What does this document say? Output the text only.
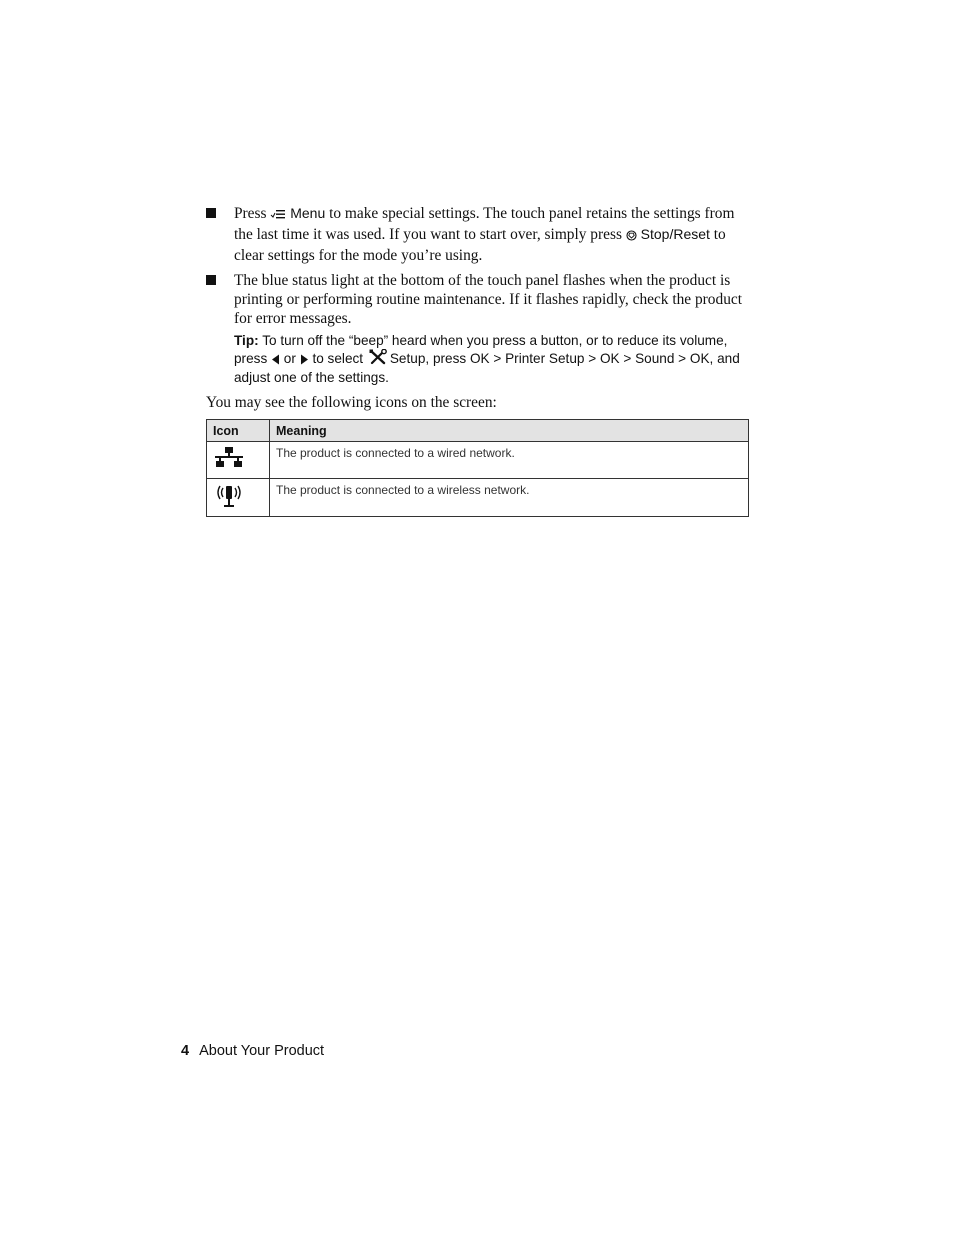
Press  Menu to make special settings. The touch panel retains the settings from the last time it was used. If you want to start over, simply press  Stop/Reset to clear settings for the mode you’re using.
The blue status light at the bottom of the touch panel flashes when the product is printing or performing routine maintenance. If it flashes rapidly, check the product for error messages.
Tip: To turn off the “beep” heard when you press a button, or to reduce its volume, press  or  to select Setup, press OK > Printer Setup > OK > Sound > OK, and adjust one of the settings.
You may see the following icons on the screen:
Icon	Meaning
	The product is connected to a wired network.
	The product is connected to a wireless network.
4 About Your Product
